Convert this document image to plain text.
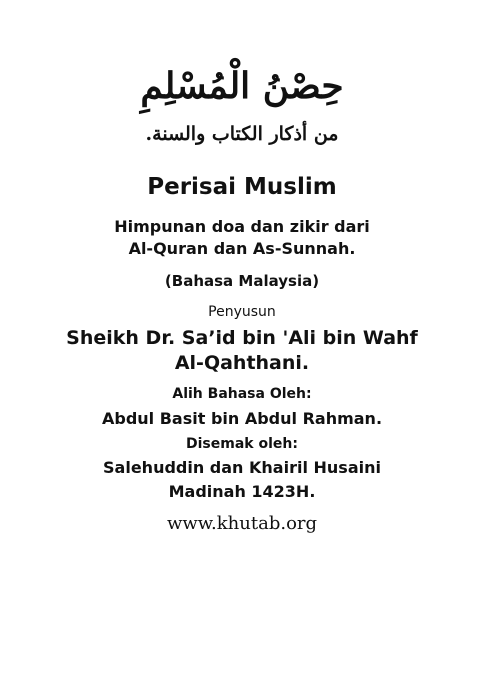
حِصْنُ الْمُسْلِمِ
من أذكار الكتاب والسنة.
Perisai Muslim
Himpunan doa dan zikir dari
Al-Quran dan As-Sunnah.
(Bahasa Malaysia)
Penyusun
Sheikh Dr. Sa’id bin 'Ali bin Wahf
Al-Qahthani.
Alih Bahasa Oleh:
Abdul Basit bin Abdul Rahman.
Disemak oleh:
Salehuddin dan Khairil Husaini
Madinah 1423H.
www.khutab.org
